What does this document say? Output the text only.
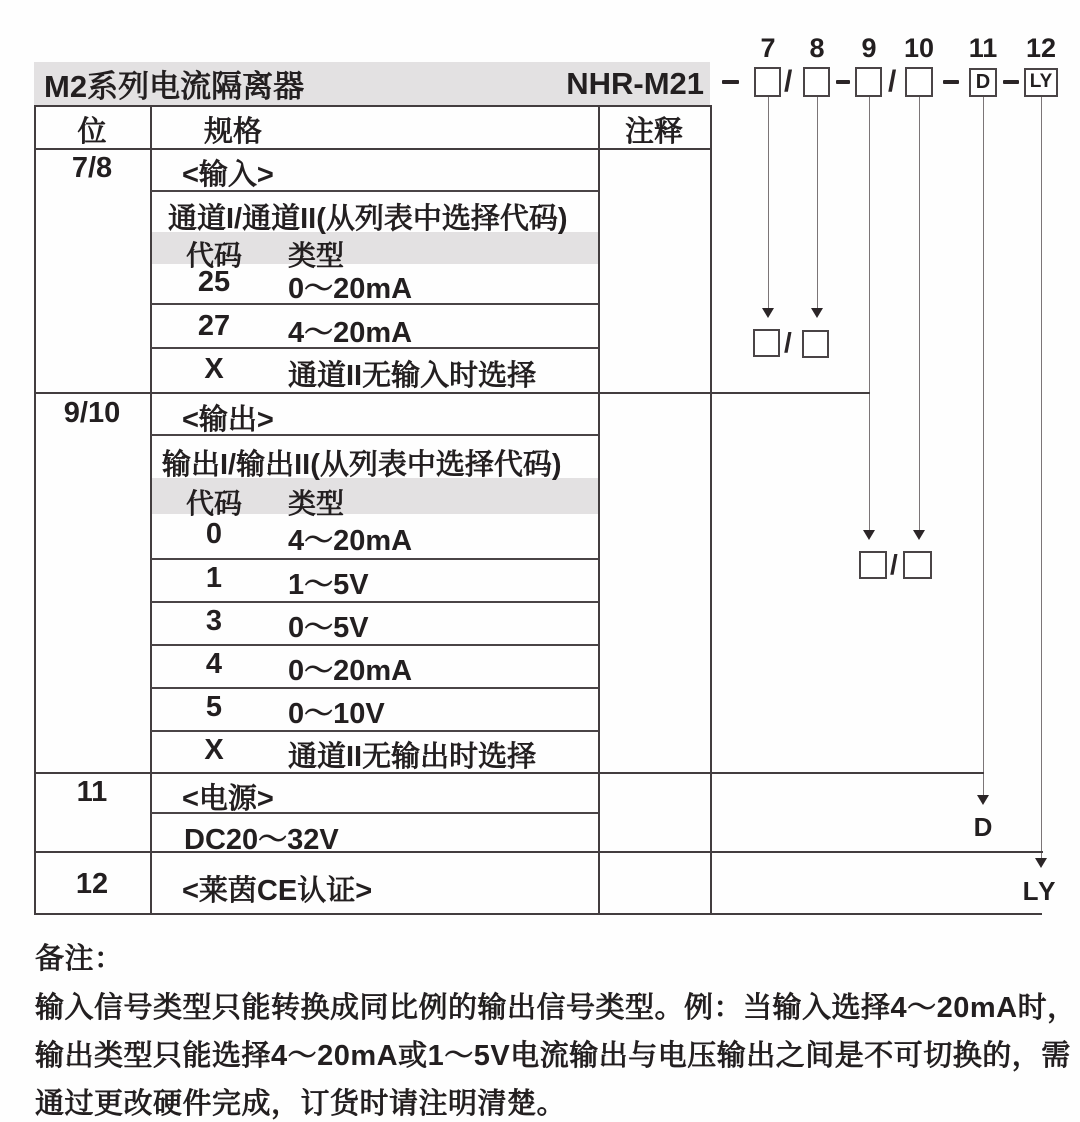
M2系列电流隔离器	NHR-M21
7	8	9	10	11	12
/	/	D	LY
/
/
D
LY
位	规格	注释
7/8	<输入>
通道I/通道II(从列表中选择代码)
代码	类型
25	0～20mA
27	4～20mA
X	通道II无输入时选择
9/10	<输出>
输出I/输出II(从列表中选择代码)
代码	类型
0	4～20mA
1	1～5V
3	0～5V
4	0～20mA
5	0～10V
X	通道II无输出时选择
11	<电源>
DC20～32V
12	<莱茵CE认证>
备注：
输入信号类型只能转换成同比例的输出信号类型。例：当输入选择4～20mA时，
输出类型只能选择4～20mA或1～5V电流输出与电压输出之间是不可切换的，需
通过更改硬件完成，订货时请注明清楚。
